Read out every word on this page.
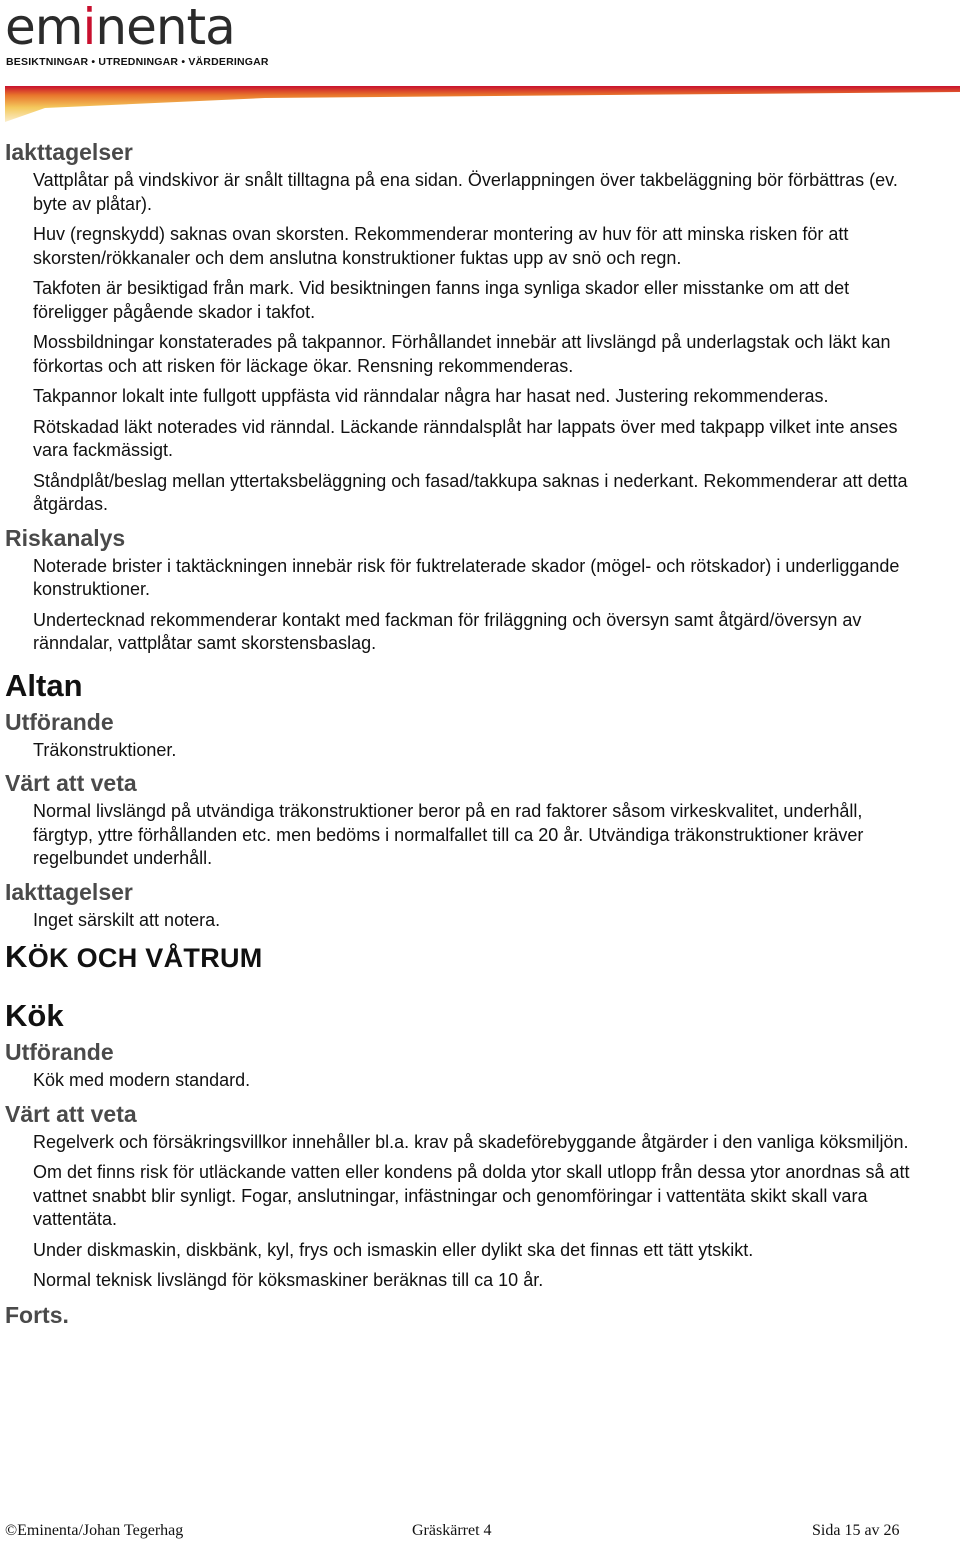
eminenta
BESIKTNINGAR • UTREDNINGAR • VÄRDERINGAR
Iakttagelser

Vattplåtar på vindskivor är snålt tilltagna på ena sidan. Överlappningen över takbeläggning bör förbättras (ev. byte av plåtar).

Huv (regnskydd) saknas ovan skorsten. Rekommenderar montering av huv för att minska risken för att skorsten/rökkanaler och dem anslutna konstruktioner fuktas upp av snö och regn.

Takfoten är besiktigad från mark. Vid besiktningen fanns inga synliga skador eller misstanke om att det föreligger pågående skador i takfot.

Mossbildningar konstaterades på takpannor. Förhållandet innebär att livslängd på underlagstak och läkt kan förkortas och att risken för läckage ökar. Rensning rekommenderas.

Takpannor lokalt inte fullgott uppfästa vid ränndalar några har hasat ned. Justering rekommenderas.

Rötskadad läkt noterades vid ränndal. Läckande ränndalsplåt har lappats över med takpapp vilket inte anses vara fackmässigt.

Ståndplåt/beslag mellan yttertaksbeläggning och fasad/takkupa saknas i nederkant. Rekommenderar att detta åtgärdas.

Riskanalys

Noterade brister i taktäckningen innebär risk för fuktrelaterade skador (mögel- och rötskador) i underliggande konstruktioner.

Undertecknad rekommenderar kontakt med fackman för friläggning och översyn samt åtgärd/översyn av ränndalar, vattplåtar samt skorstensbaslag.

Altan
Utförande

Träkonstruktioner.

Värt att veta

Normal livslängd på utvändiga träkonstruktioner beror på en rad faktorer såsom virkeskvalitet, underhåll, färgtyp, yttre förhållanden etc. men bedöms i normalfallet till ca 20 år. Utvändiga träkonstruktioner kräver regelbundet underhåll.

Iakttagelser

Inget särskilt att notera.

KÖK OCH VÅTRUM
Kök
Utförande

Kök med modern standard.

Värt att veta

Regelverk och försäkringsvillkor innehåller bl.a. krav på skadeförebyggande åtgärder i den vanliga köksmiljön.

Om det finns risk för utläckande vatten eller kondens på dolda ytor skall utlopp från dessa ytor anordnas så att vattnet snabbt blir synligt. Fogar, anslutningar, infästningar och genomföringar i vattentäta skikt skall vara vattentäta.

Under diskmaskin, diskbänk, kyl, frys och ismaskin eller dylikt ska det finnas ett tätt ytskikt.

Normal teknisk livslängd för köksmaskiner beräknas till ca 10 år.

Forts.
©Eminenta/Johan Tegerhag	Gräskärret 4	Sida 15 av 26
